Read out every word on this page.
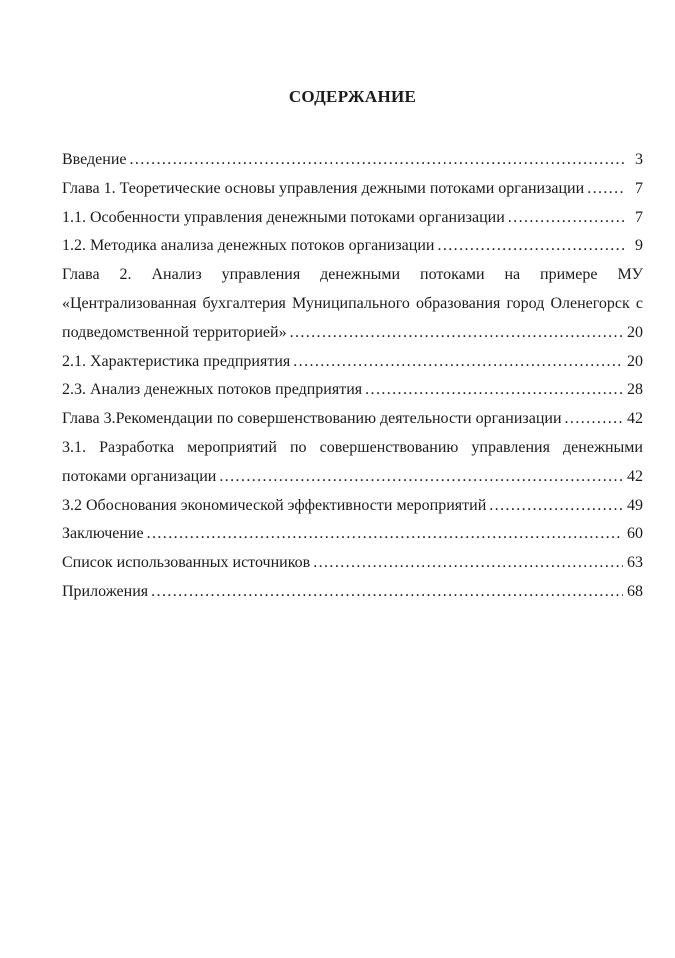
СОДЕРЖАНИЕ
Введение .....	3
Глава 1. Теоретические основы управления дежными потоками организации .....	7
1.1. Особенности управления денежными потоками организации .....	7
1.2. Методика анализа денежных потоков организации .....	9
Глава 2. Анализ управления денежными потоками на примере МУ
«Централизованная бухгалтерия Муниципального образования город Оленегорск с
подведомственной территорией» .....	20
2.1. Характеристика предприятия .....	20
2.3. Анализ денежных потоков предприятия .....	28
Глава 3.Рекомендации по совершенствованию деятельности организации .....	42
3.1. Разработка мероприятий по совершенствованию управления денежными
потоками организации .....	42
3.2 Обоснования экономической эффективности мероприятий .....	49
Заключение .....	60
Список использованных источников .....	63
Приложения .....	68
